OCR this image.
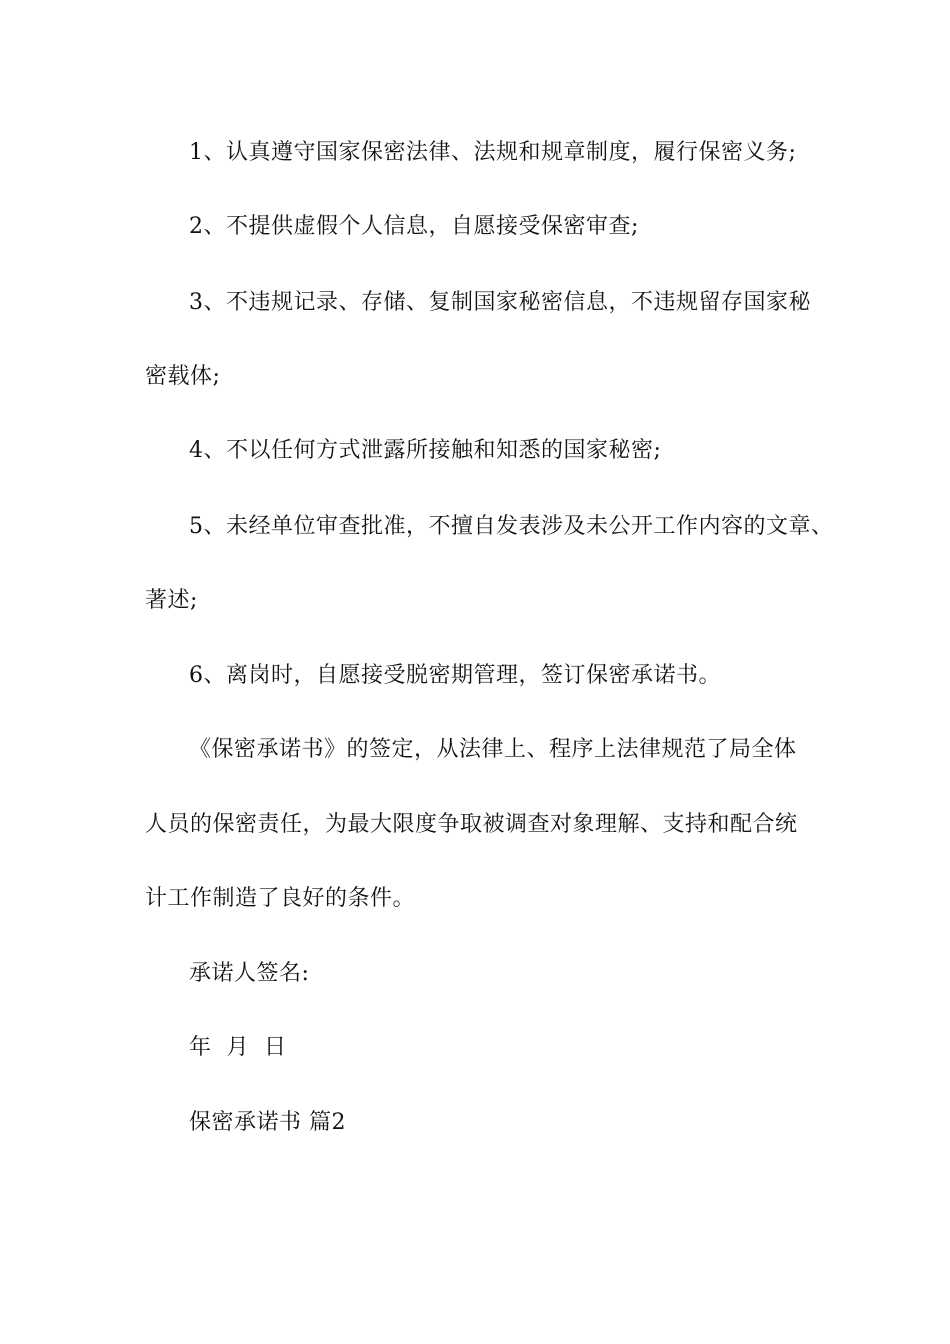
1、认真遵守国家保密法律、法规和规章制度，履行保密义务;
2、不提供虚假个人信息，自愿接受保密审查;
3、不违规记录、存储、复制国家秘密信息，不违规留存国家秘
密载体;
4、不以任何方式泄露所接触和知悉的国家秘密;
5、未经单位审查批准，不擅自发表涉及未公开工作内容的文章、
著述;
6、离岗时，自愿接受脱密期管理，签订保密承诺书。
《保密承诺书》的签定，从法律上、程序上法律规范了局全体
人员的保密责任，为最大限度争取被调查对象理解、支持和配合统
计工作制造了良好的条件。
承诺人签名:
年  月  日
保密承诺书 篇2
